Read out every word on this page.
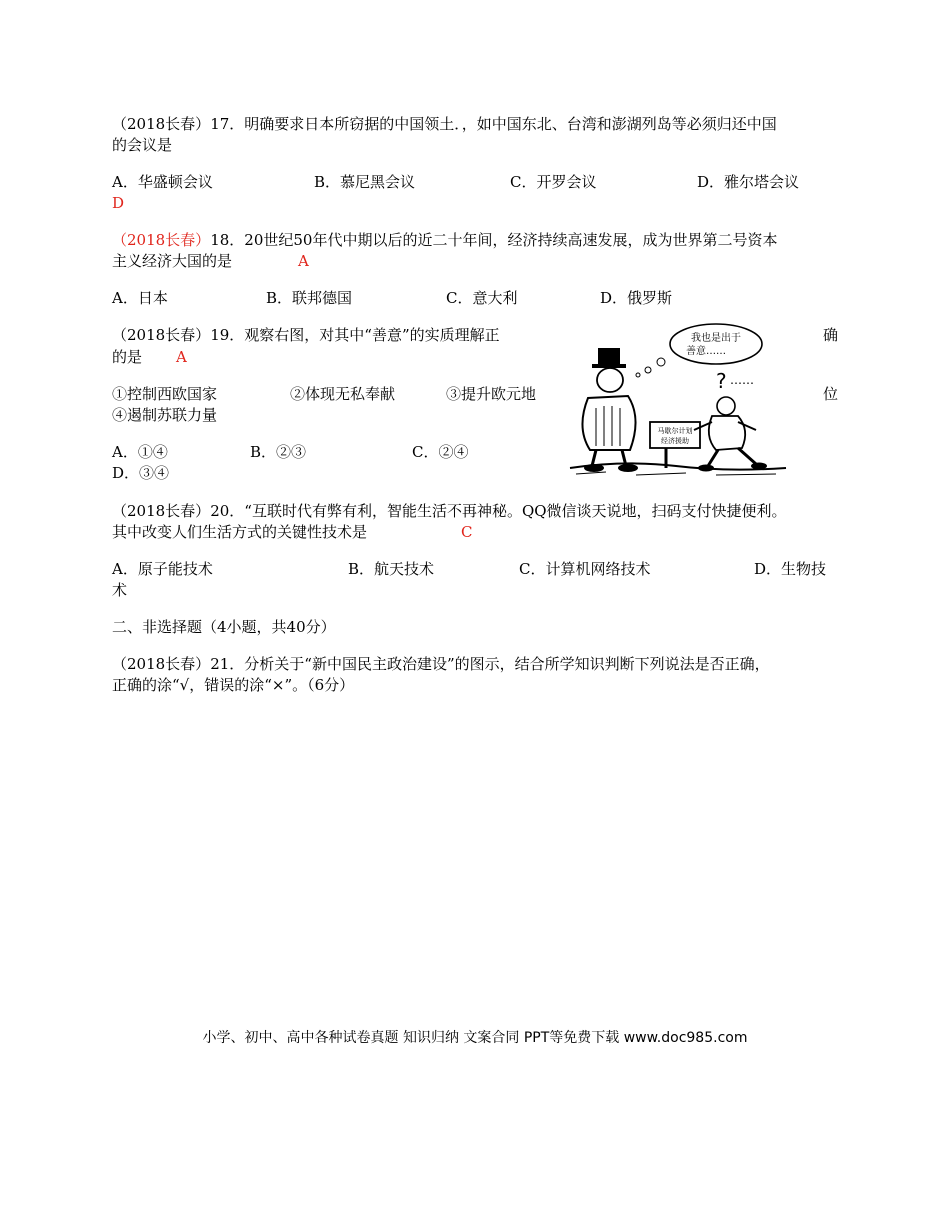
（2018长春）17．明确要求日本所窃据的中国领土．，如中国东北、台湾和澎湖列岛等必须归还中国
的会议是
A．华盛顿会议	B．慕尼黑会议	C．开罗会议	D．雅尔塔会议
D
（2018长春）18．20世纪50年代中期以后的近二十年间，经济持续高速发展，成为世界第二号资本
主义经济大国的是	A
A．日本	B．联邦德国	C．意大利	D．俄罗斯
（2018长春）19．观察右图，对其中“善意”的实质理解正	确
的是 A
①控制西欧国家	②体现无私奉献	③提升欧元地	位
④遏制苏联力量
A．①④	B．②③	C．②④
D．③④
我也是出于
善意……
马歇尔计划
经济援助
? ……
（2018长春）20．“互联时代有弊有利，智能生活不再神秘。QQ微信谈天说地，扫码支付快捷便利。
其中改变人们生活方式的关键性技术是	C
A．原子能技术	B．航天技术	C．计算机网络技术	D．生物技
术
二、非选择题（4小题，共40分）
（2018长春）21．分析关于“新中国民主政治建设”的图示，结合所学知识判断下列说法是否正确，
正确的涂“√，错误的涂“×”。（6分）
小学、初中、高中各种试卷真题 知识归纳 文案合同 PPT等免费下载 www.doc985.com
